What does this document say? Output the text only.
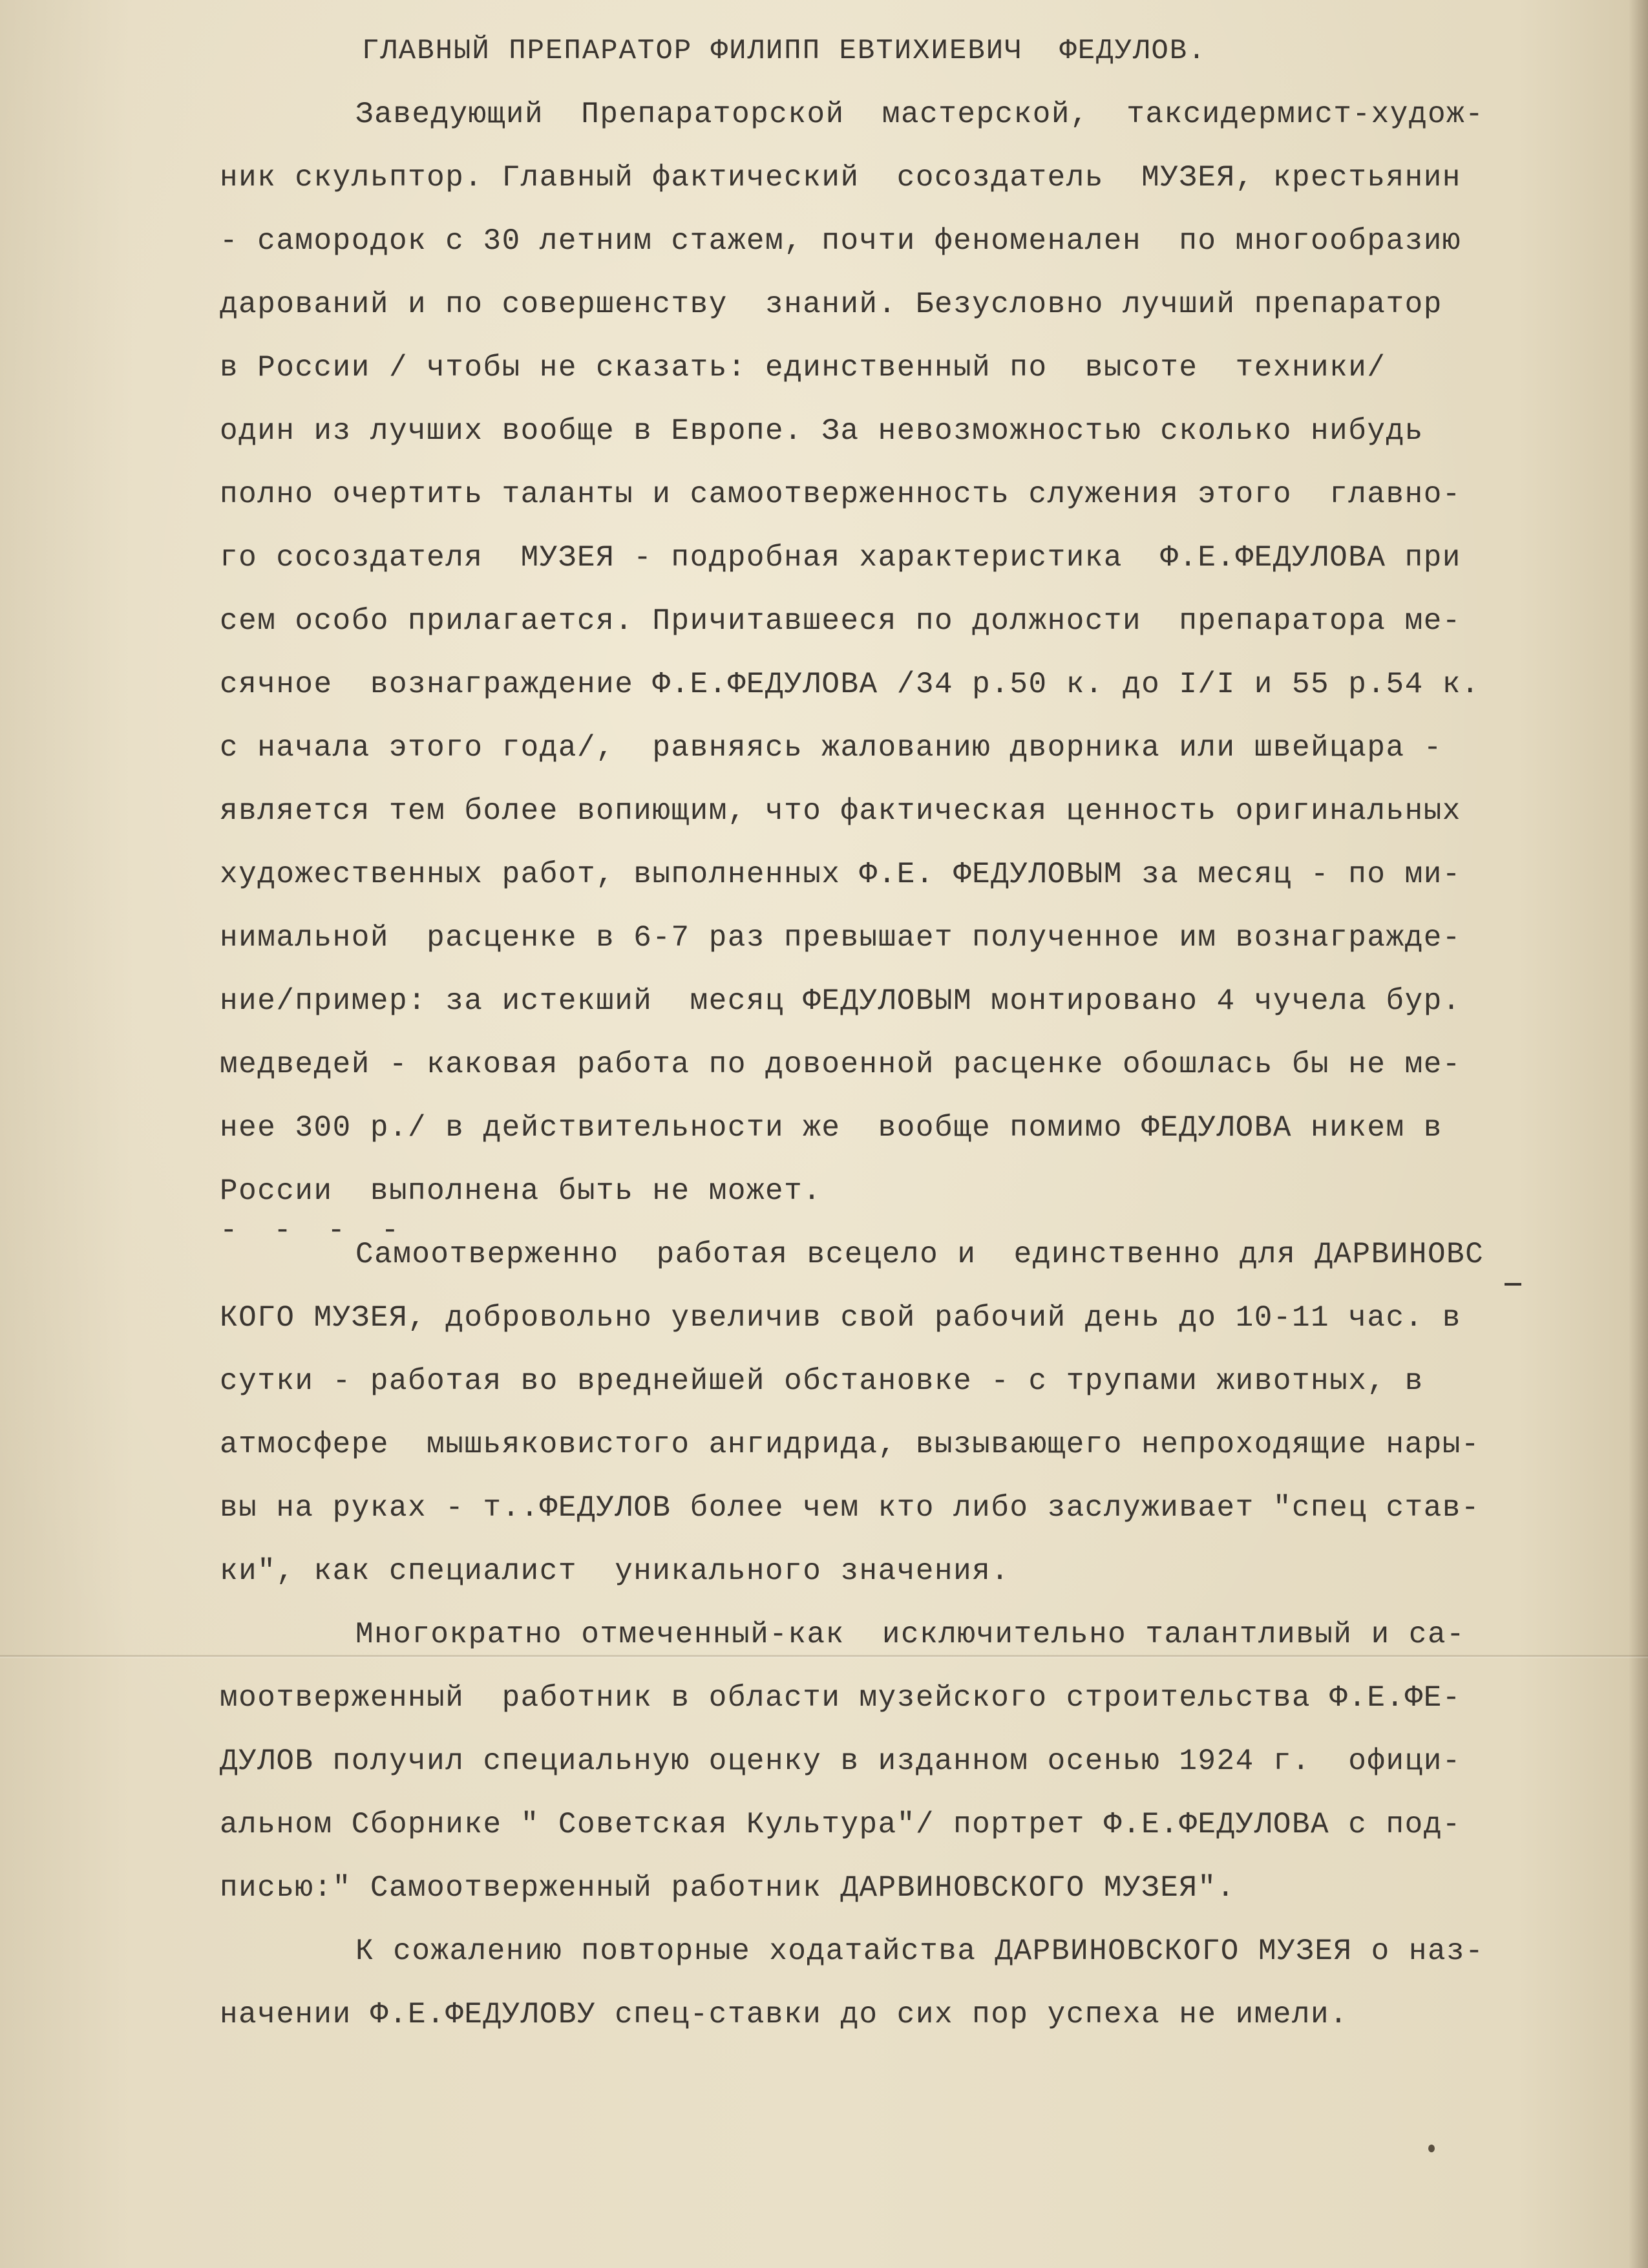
ГЛАВНЫЙ ПРЕПАРАТОР ФИЛИПП ЕВТИХИЕВИЧ  ФЕДУЛОВ.
Заведующий  Препараторской  мастерской,  таксидермист-худож-
ник скульптор. Главный фактический  сосоздатель  МУЗЕЯ, крестьянин
- самородок с 30 летним стажем, почти феноменален  по многообразию
дарований и по совершенству  знаний. Безусловно лучший препаратор
в России / чтобы не сказать: единственный по  высоте  техники/
один из лучших вообще в Европе. За невозможностью сколько нибудь
полно очертить таланты и самоотверженность служения этого  главно-
го сосоздателя  МУЗЕЯ - подробная характеристика  Ф.Е.ФЕДУЛОВА при
сем особо прилагается. Причитавшееся по должности  препаратора ме-
сячное  вознаграждение Ф.Е.ФЕДУЛОВА /34 р.50 к. до I/I и 55 р.54 к.
с начала этого года/,  равняясь жалованию дворника или швейцара -
является тем более вопиющим, что фактическая ценность оригинальных
художественных работ, выполненных Ф.Е. ФЕДУЛОВЫМ за месяц - по ми-
нимальной  расценке в 6-7 раз превышает полученное им вознагражде-
ние/пример: за истекший  месяц ФЕДУЛОВЫМ монтировано 4 чучела бур.
медведей - каковая работа по довоенной расценке обошлась бы не ме-
нее 300 р./ в действительности же  вообще помимо ФЕДУЛОВА никем в
России  выполнена быть не может.
Самоотверженно  работая всецело и  единственно для ДАРВИНОВС
КОГО МУЗЕЯ, добровольно увеличив свой рабочий день до 10-11 час. в
сутки - работая во вреднейшей обстановке - с трупами животных, в
атмосфере  мышьяковистого ангидрида, вызывающего непроходящие нары-
вы на руках - т..ФЕДУЛОВ более чем кто либо заслуживает "спец став-
ки", как специалист  уникального значения.
Многократно отмеченный-как  исключительно талантливый и са-
моотверженный  работник в области музейского строительства Ф.Е.ФЕ-
ДУЛОВ получил специальную оценку в изданном осенью 1924 г.  офици-
альном Сборнике " Советская Культура"/ портрет Ф.Е.ФЕДУЛОВА с под-
писью:" Самоотверженный работник ДАРВИНОВСКОГО МУЗЕЯ".
К сожалению повторные ходатайства ДАРВИНОВСКОГО МУЗЕЯ о наз-
начении Ф.Е.ФЕДУЛОВУ спец-ставки до сих пор успеха не имели.
- - - -
